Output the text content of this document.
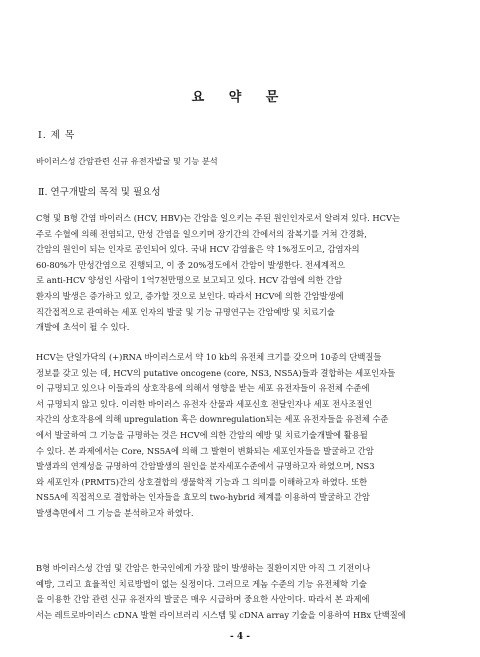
요 약 문
Ⅰ. 제 목
바이러스성 간암관련 신규 유전자발굴 및 기능 분석
Ⅱ. 연구개발의 목적 및 필요성
C형 및 B형 간염 바이러스 (HCV, HBV)는 간암을 일으키는 주된 원인인자로서 알려져 있다. HCV는
주로 수혈에 의해 전염되고, 만성 간염을 일으키며 장기간의 간에서의 잠복기를 거쳐 간경화,
간암의 원인이 되는 인자로 공인되어 있다. 국내 HCV 감염율은 약 1%정도이고, 감염자의
60-80%가 만성간염으로 진행되고, 이 중 20%정도에서 간암이 발생한다. 전세계적으
로 anti-HCV 양성인 사람이 1억7천만명으로 보고되고 있다. HCV 감염에 의한 간암
환자의 발생은 증가하고 있고, 증가할 것으로 보인다. 따라서 HCV에 의한 간암발생에
직간접적으로 관여하는 세포 인자의 발굴 및 기능 규명연구는 간암예방 및 치료기술
개발에 초석이 될 수 있다.
HCV는 단일가닥의 (+)RNA 바이러스로서 약 10 kb의 유전체 크기를 갖으며 10종의 단백질들
정보를 갖고 있는 데, HCV의 putative oncogene (core, NS3, NS5A)들과 결합하는 세포인자들
이 규명되고 있으나 이들과의 상호작용에 의해서 영향을 받는 세포 유전자들이 유전체 수준에
서 규명되지 않고 있다. 이러한 바이러스 유전자 산물과 세포신호 전달인자나 세포 전사조절인
자간의 상호작용에 의해 upregulation 혹은 downregulation되는 세포 유전자들을 유전체 수준
에서 발굴하여 그 기능을 규명하는 것은 HCV에 의한 간암의 예방 및 치료기술개발에 활용될
수 있다. 본 과제에서는 Core, NS5A에 의해 그 발현이 변화되는 세포인자들을 발굴하고 간암
발생과의 연계성을 규명하여 간암발생의 원인을 분자세포수준에서 규명하고자 하였으며, NS3
와 세포인자 (PRMT5)간의 상호결합의 생물학적 기능과 그 의미를 이해하고자 하였다. 또한
NS5A에 직접적으로 결합하는 인자들을 효모의 two-hybrid 체계를 이용하여 발굴하고 간암
발생측면에서 그 기능을 분석하고자 하였다.
B형 바이러스성 간염 및 간암은 한국인에게 가장 많이 발생하는 질환이지만 아직 그 기전이나
예방, 그리고 효율적인 치료방법이 없는 실정이다. 그러므로 게놈 수준의 기능 유전체학 기술
을 이용한 간암 관련 신규 유전자의 발굴은 매우 시급하며 중요한 사안이다. 따라서 본 과제에
서는 레트로바이러스 cDNA 발현 라이브러리 시스템 및 cDNA array 기술을 이용하여 HBx 단백질에
- 4 -
